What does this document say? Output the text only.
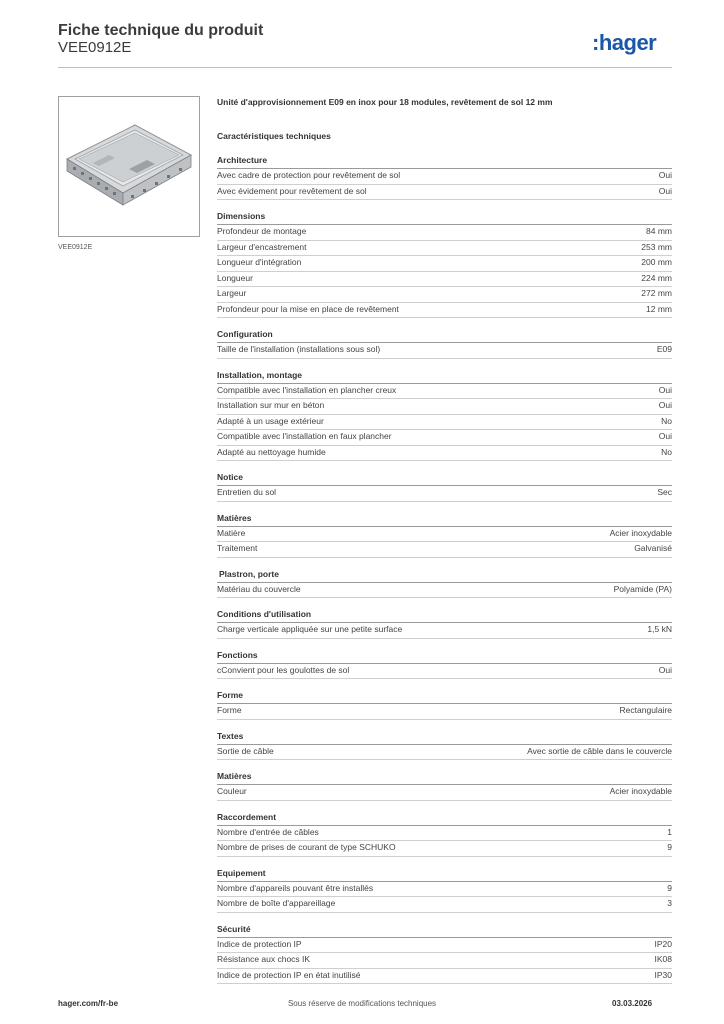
Fiche technique du produit
VEE0912E	:hager
VEE0912E
Unité d'approvisionnement E09 en inox pour 18 modules, revêtement de sol 12 mm
Caractéristiques techniques
Architecture
Avec cadre de protection pour revêtement de sol	Oui
Avec évidement pour revêtement de sol	Oui
Dimensions
Profondeur de montage	84 mm
Largeur d'encastrement	253 mm
Longueur d'intégration	200 mm
Longueur	224 mm
Largeur	272 mm
Profondeur pour la mise en place de revêtement	12 mm
Configuration
Taille de l'installation (installations sous sol)	E09
Installation, montage
Compatible avec l'installation en plancher creux	Oui
Installation sur mur en béton	Oui
Adapté à un usage extérieur	No
Compatible avec l'installation en faux plancher	Oui
Adapté au nettoyage humide	No
Notice
Entretien du sol	Sec
Matières
Matière	Acier inoxydable
Traitement	Galvanisé
Plastron, porte
Matériau du couvercle	Polyamide (PA)
Conditions d'utilisation
Charge verticale appliquée sur une petite surface	1,5 kN
Fonctions
cConvient pour les goulottes de sol	Oui
Forme
Forme	Rectangulaire
Textes
Sortie de câble	Avec sortie de câble dans le couvercle
Matières
Couleur	Acier inoxydable
Raccordement
Nombre d'entrée de câbles	1
Nombre de prises de courant de type SCHUKO	9
Equipement
Nombre d'appareils pouvant être installés	9
Nombre de boîte d'appareillage	3
Sécurité
Indice de protection IP	IP20
Résistance aux chocs IK	IK08
Indice de protection IP en état inutilisé	IP30
hager.com/fr-be	Sous réserve de modifications techniques	03.03.2026
